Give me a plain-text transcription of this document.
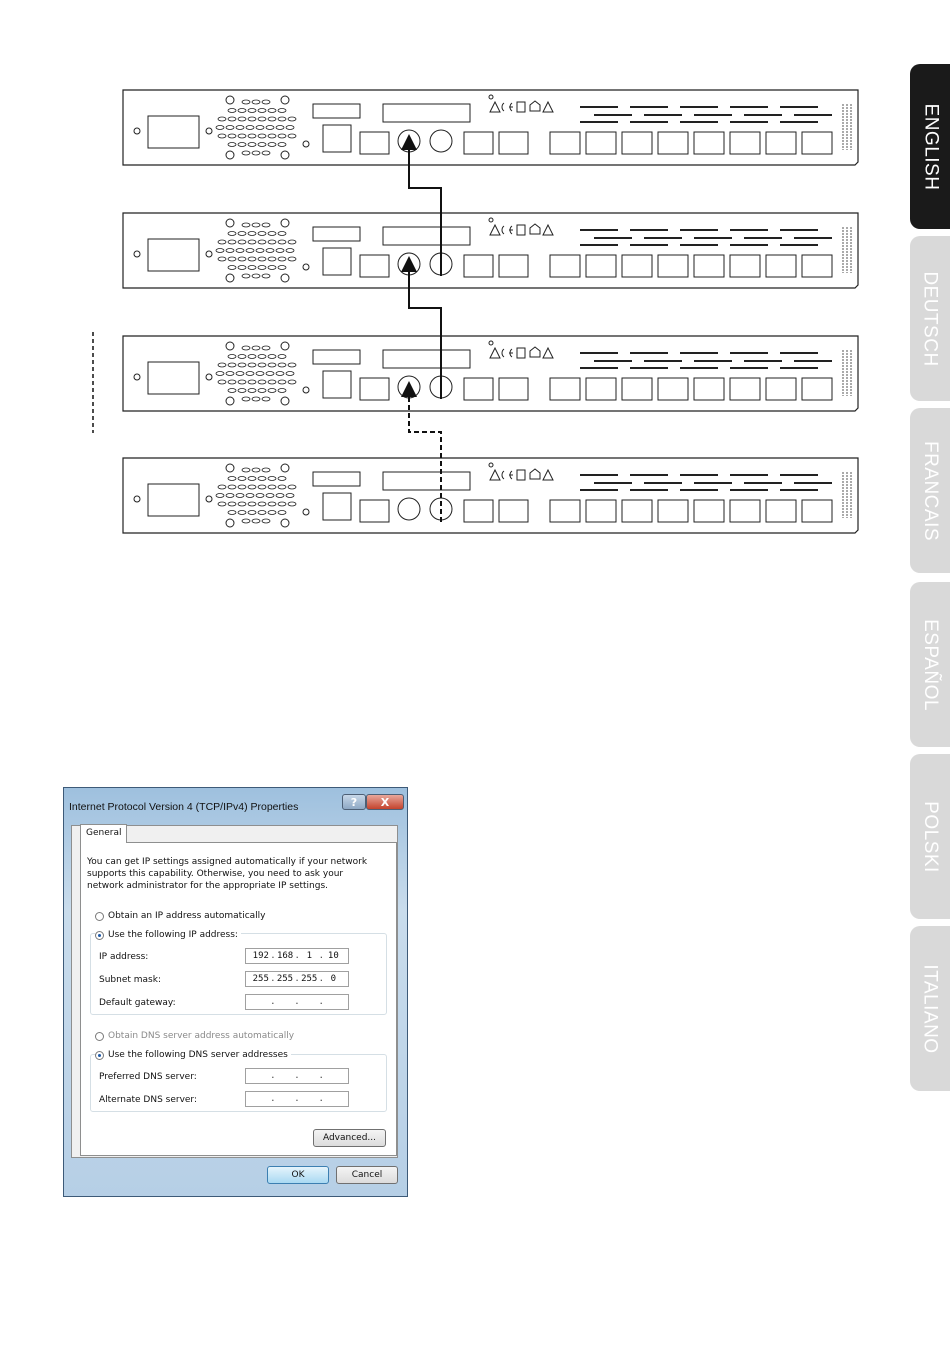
ENGLISH
DEUTSCH
FRANCAIS
ESPAÑOL
POLSKI
ITALIANO
Internet Protocol Version 4 (TCP/IPv4) Properties	? X
You can get IP settings assigned automatically if your network supports this capability. Otherwise, you need to ask your network administrator for the appropriate IP settings.
Obtain an IP address automatically
Use the following IP address:
IP address:	192 . 168 . 1 . 10
Subnet mask:	255 . 255 . 255 . 0
Default gateway:	. . .
Obtain DNS server address automatically
Use the following DNS server addresses
Preferred DNS server:	. . .
Alternate DNS server:	. . .
Advanced...
General
OK	Cancel
